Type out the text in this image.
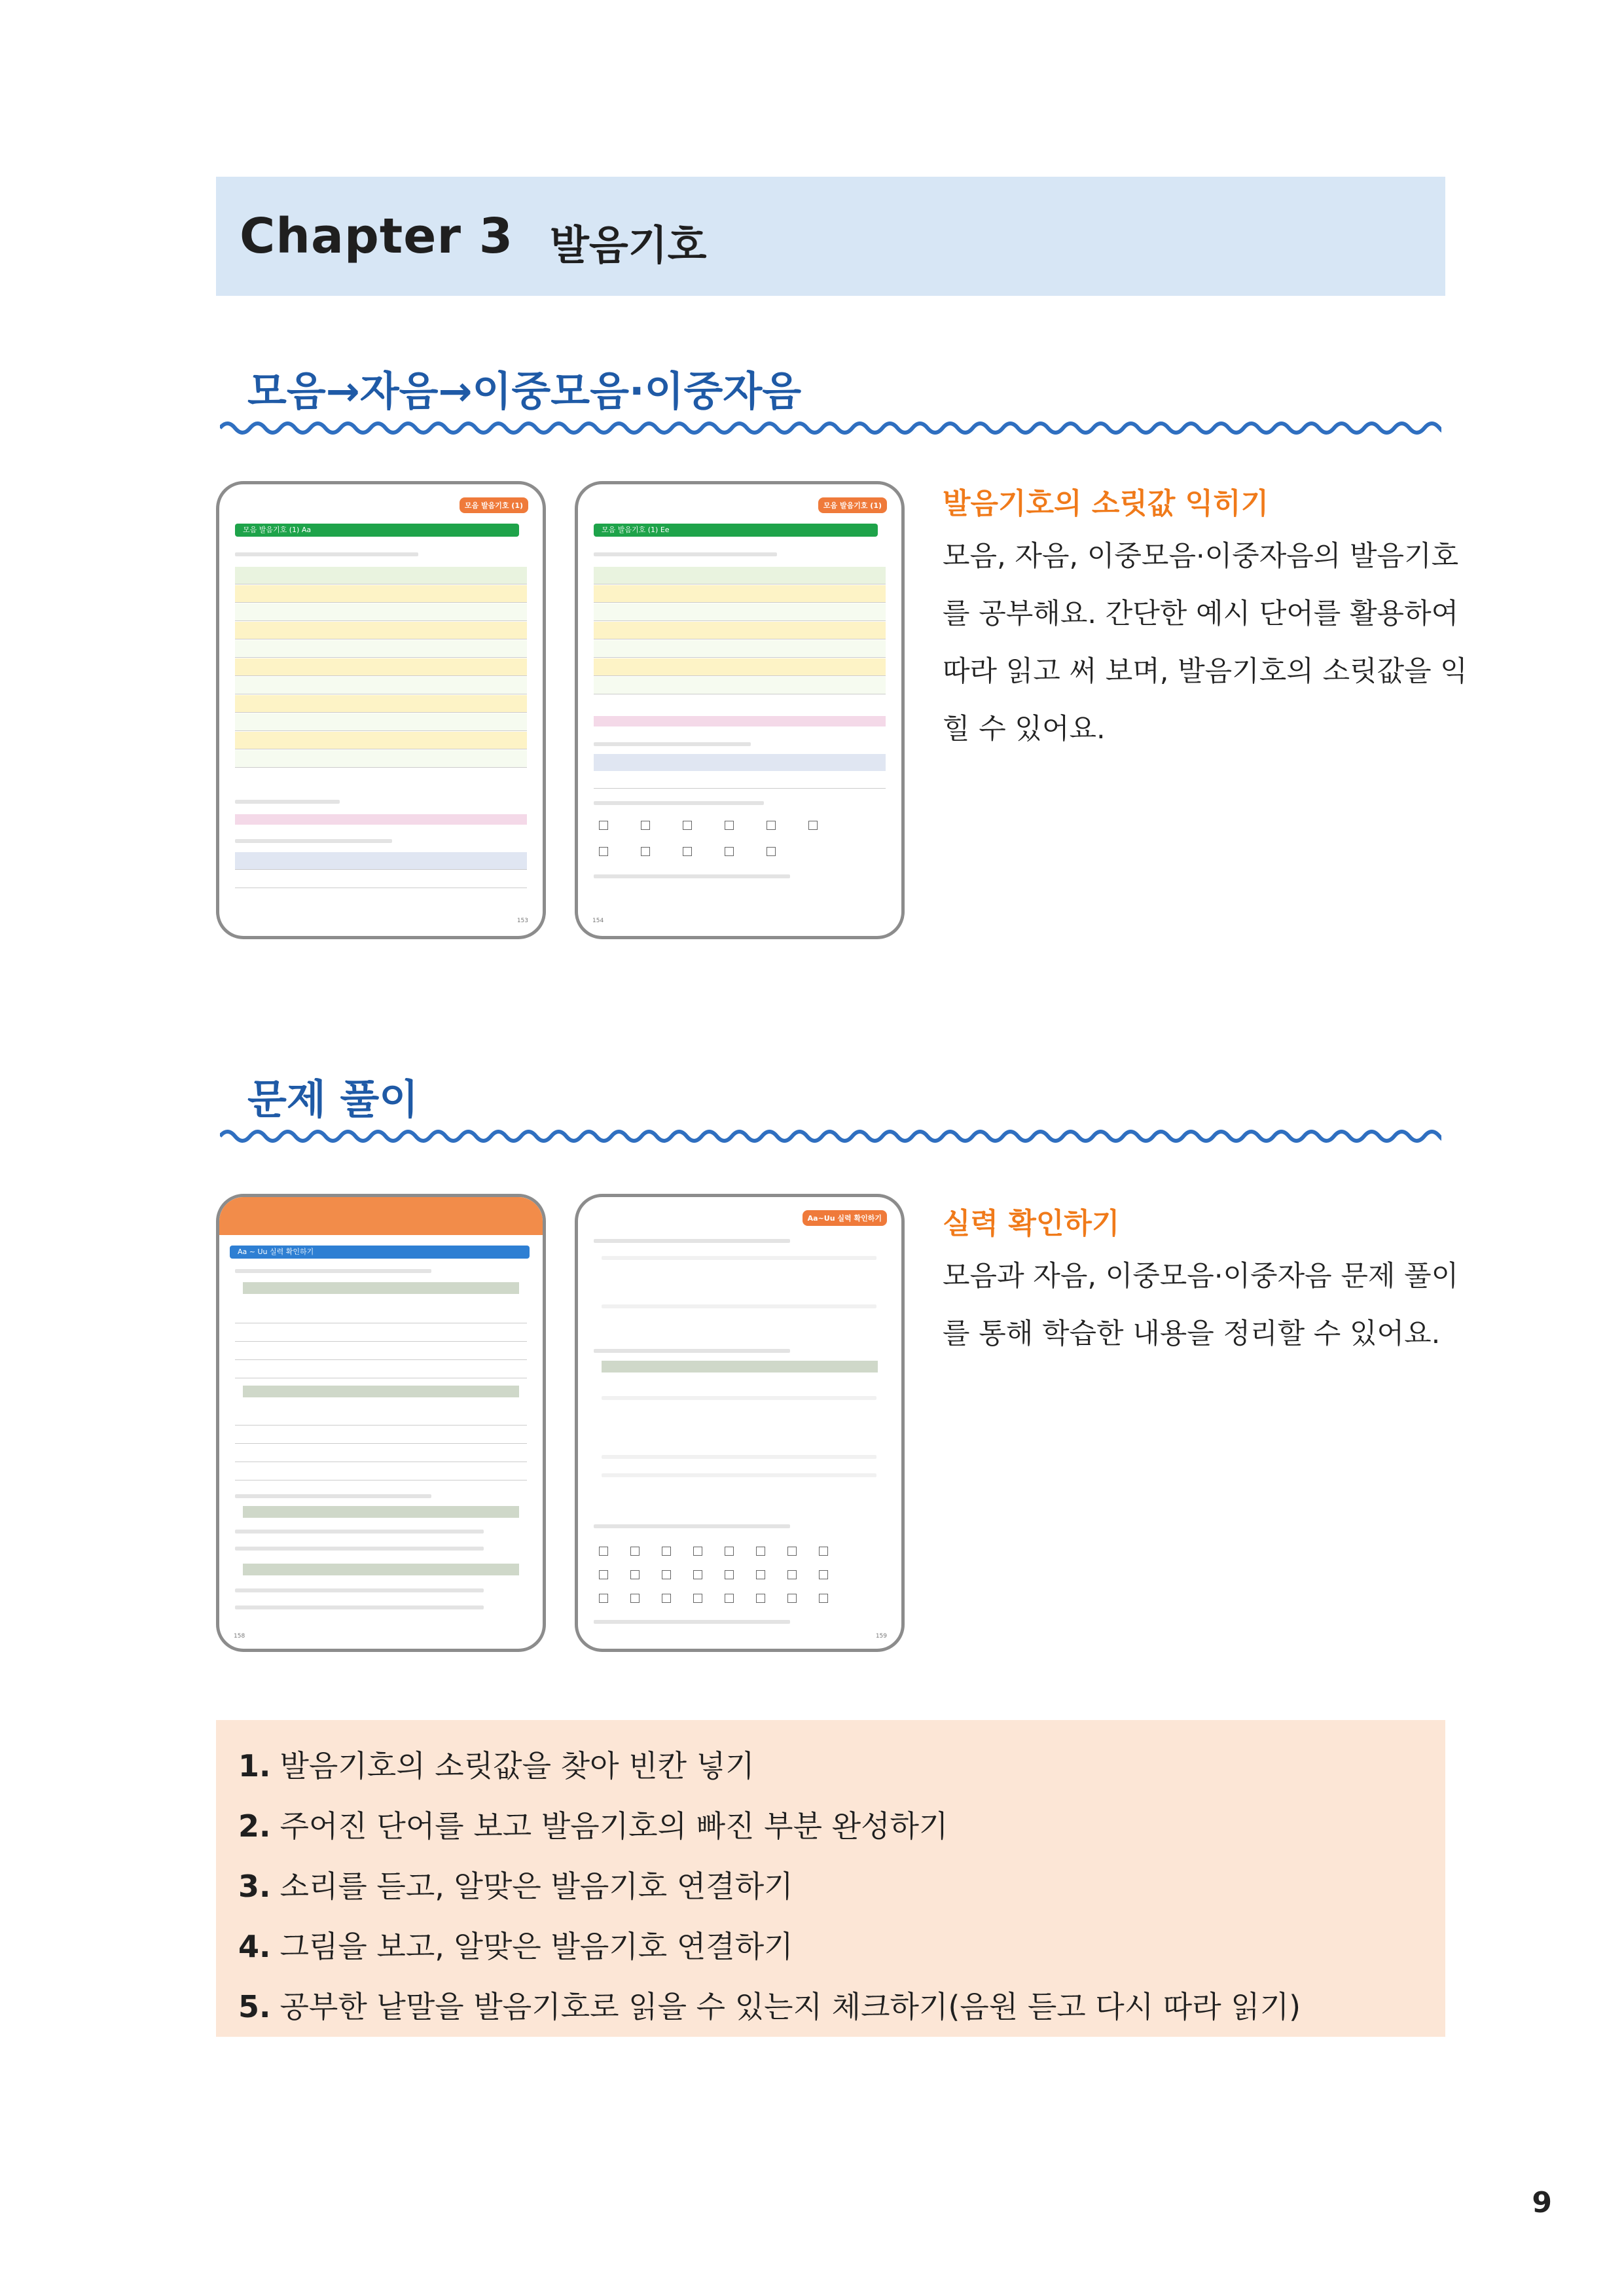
Chapter 3 발음기호
모음→자음→이중모음·이중자음
모음 발음기호 (1)
모음 발음기호 (1) Aa
153
모음 발음기호 (1)
모음 발음기호 (1) Ee
154
발음기호의 소릿값 익히기
모음, 자음, 이중모음·이중자음의 발음기호
를 공부해요. 간단한 예시 단어를 활용하여
따라 읽고 써 보며, 발음기호의 소릿값을 익
힐 수 있어요.
문제 풀이
Aa ~ Uu 실력 확인하기
158
Aa~Uu 실력 확인하기
159
실력 확인하기
모음과 자음, 이중모음·이중자음 문제 풀이
를 통해 학습한 내용을 정리할 수 있어요.
1. 발음기호의 소릿값을 찾아 빈칸 넣기
2. 주어진 단어를 보고 발음기호의 빠진 부분 완성하기
3. 소리를 듣고, 알맞은 발음기호 연결하기
4. 그림을 보고, 알맞은 발음기호 연결하기
5. 공부한 낱말을 발음기호로 읽을 수 있는지 체크하기(음원 듣고 다시 따라 읽기)
9
